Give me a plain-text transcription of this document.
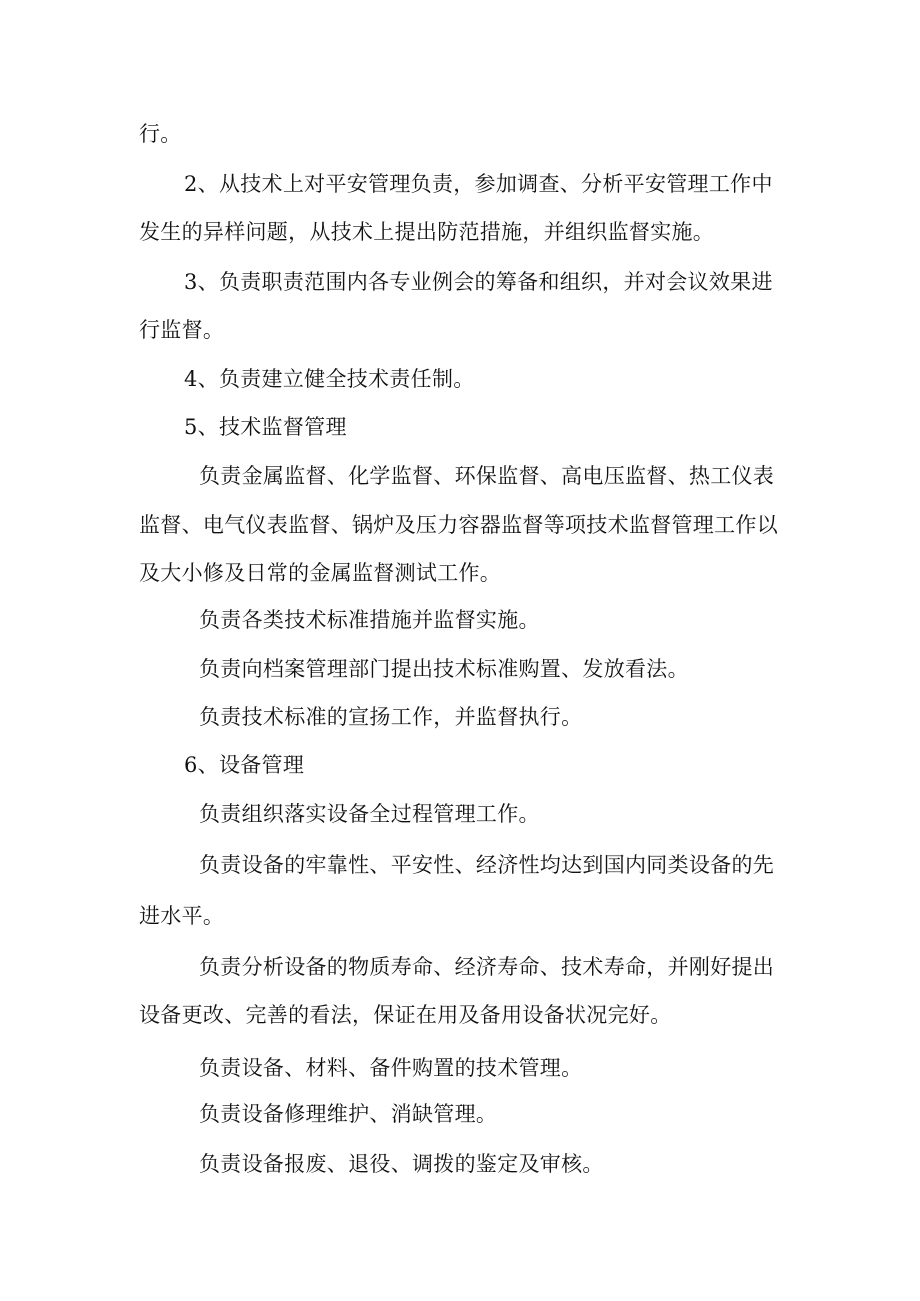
行。
2、从技术上对平安管理负责，参加调查、分析平安管理工作中
发生的异样问题，从技术上提出防范措施，并组织监督实施。
3、负责职责范围内各专业例会的筹备和组织，并对会议效果进
行监督。
4、负责建立健全技术责任制。
5、技术监督管理
负责金属监督、化学监督、环保监督、高电压监督、热工仪表
监督、电气仪表监督、锅炉及压力容器监督等项技术监督管理工作以
及大小修及日常的金属监督测试工作。
负责各类技术标准措施并监督实施。
负责向档案管理部门提出技术标准购置、发放看法。
负责技术标准的宣扬工作，并监督执行。
6、设备管理
负责组织落实设备全过程管理工作。
负责设备的牢靠性、平安性、经济性均达到国内同类设备的先
进水平。
负责分析设备的物质寿命、经济寿命、技术寿命，并刚好提出
设备更改、完善的看法，保证在用及备用设备状况完好。
负责设备、材料、备件购置的技术管理。
负责设备修理维护、消缺管理。
负责设备报废、退役、调拨的鉴定及审核。
